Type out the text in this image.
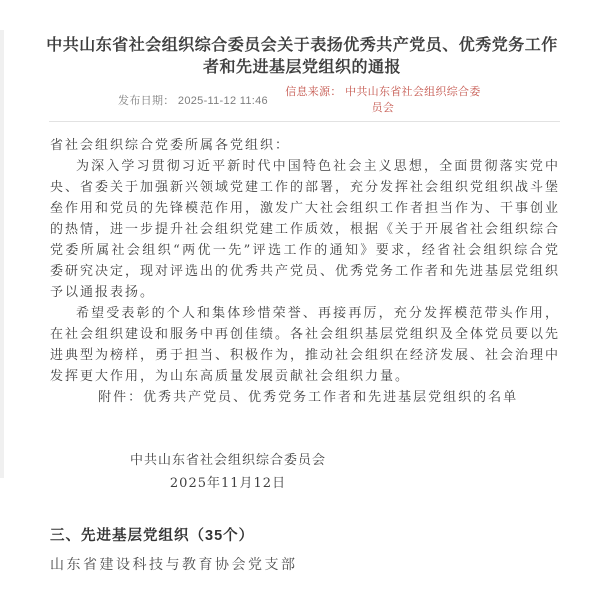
中共山东省社会组织综合委员会关于表扬优秀共产党员、优秀党务工作者和先进基层党组织的通报
发布日期： 2025-11-12 11:46
信息来源： 中共山东省社会组织综合委员会

省社会组织综合党委所属各党组织：

为深入学习贯彻习近平新时代中国特色社会主义思想，全面贯彻落实党中央、省委关于加强新兴领域党建工作的部署，充分发挥社会组织党组织战斗堡垒作用和党员的先锋模范作用，激发广大社会组织工作者担当作为、干事创业的热情，进一步提升社会组织党建工作质效，根据《关于开展省社会组织综合党委所属社会组织“两优一先”评选工作的通知》要求，经省社会组织综合党委研究决定，现对评选出的优秀共产党员、优秀党务工作者和先进基层党组织予以通报表扬。

希望受表彰的个人和集体珍惜荣誉、再接再厉，充分发挥模范带头作用，在社会组织建设和服务中再创佳绩。各社会组织基层党组织及全体党员要以先进典型为榜样，勇于担当、积极作为，推动社会组织在经济发展、社会治理中发挥更大作用，为山东高质量发展贡献社会组织力量。

附件：优秀共产党员、优秀党务工作者和先进基层党组织的名单

中共山东省社会组织综合委员会
2025年11月12日
三、先进基层党组织（35个）
山东省建设科技与教育协会党支部
